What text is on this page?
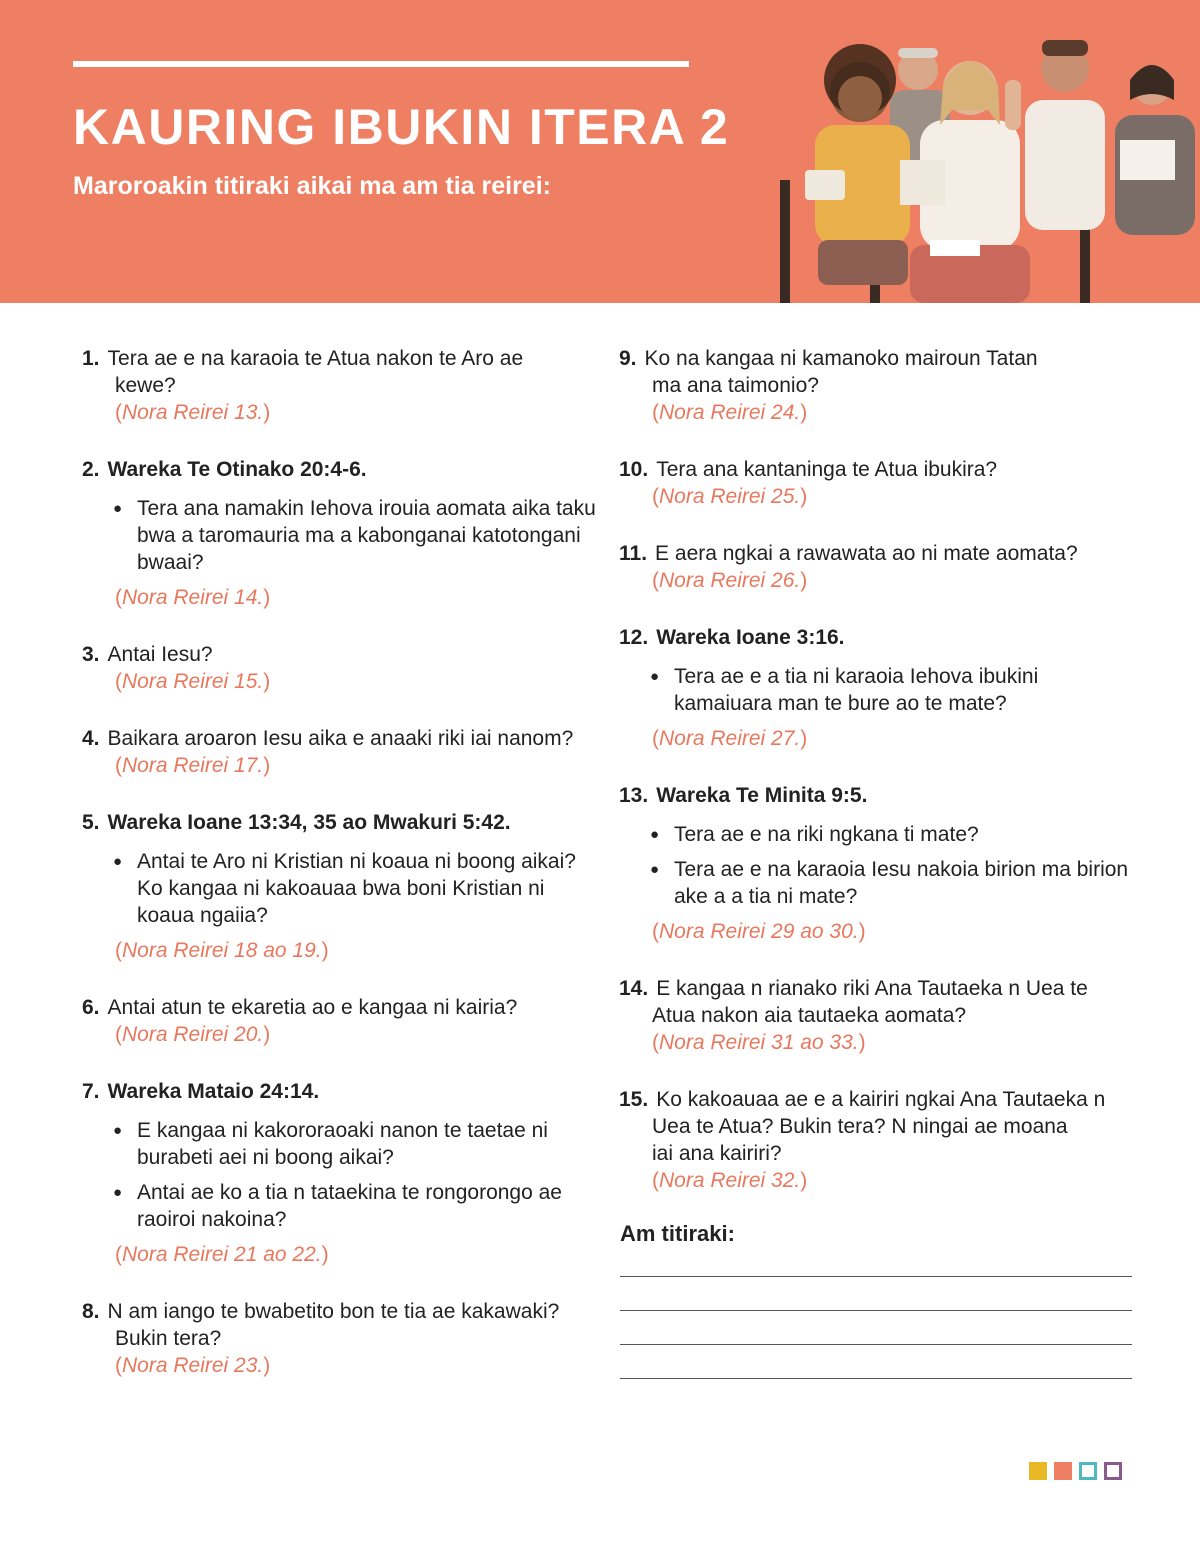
KAURING IBUKIN ITERA 2

Maroroakin titiraki aikai ma am tia reirei:

1. Tera ae e na karaoia te Atua nakon te Aro ae
kewe?
(Nora Reirei 13.)
2. Wareka Te Otinako 20:4-6.
● Tera ana namakin Iehova irouia aomata aika taku bwa a taromauria ma a kabonganai katotongani bwaai?
(Nora Reirei 14.)
3. Antai Iesu?
(Nora Reirei 15.)
4. Baikara aroaron Iesu aika e anaaki riki iai nanom?
(Nora Reirei 17.)
5. Wareka Ioane 13:34, 35 ao Mwakuri 5:42.
● Antai te Aro ni Kristian ni koaua ni boong aikai? Ko kangaa ni kakoauaa bwa boni Kristian ni koaua ngaiia?
(Nora Reirei 18 ao 19.)
6. Antai atun te ekaretia ao e kangaa ni kairia?
(Nora Reirei 20.)
7. Wareka Mataio 24:14.
● E kangaa ni kakororaoaki nanon te taetae ni burabeti aei ni boong aikai?
● Antai ae ko a tia n tataekina te rongorongo ae raoiroi nakoina?
(Nora Reirei 21 ao 22.)
8. N am iango te bwabetito bon te tia ae kakawaki?
Bukin tera?
(Nora Reirei 23.)
9. Ko na kangaa ni kamanoko mairoun Tatan
ma ana taimonio?
(Nora Reirei 24.)
10. Tera ana kantaninga te Atua ibukira?
(Nora Reirei 25.)
11. E aera ngkai a rawawata ao ni mate aomata?
(Nora Reirei 26.)
12. Wareka Ioane 3:16.
● Tera ae e a tia ni karaoia Iehova ibukini kamaiuara man te bure ao te mate?
(Nora Reirei 27.)
13. Wareka Te Minita 9:5.
● Tera ae e na riki ngkana ti mate?
● Tera ae e na karaoia Iesu nakoia birion ma birion ake a a tia ni mate?
(Nora Reirei 29 ao 30.)
14. E kangaa n rianako riki Ana Tautaeka n Uea te
Atua nakon aia tautaeka aomata?
(Nora Reirei 31 ao 33.)
15. Ko kakoauaa ae e a kairiri ngkai Ana Tautaeka n
Uea te Atua? Bukin tera? N ningai ae moana
iai ana kairiri?
(Nora Reirei 32.)

Am titiraki:
